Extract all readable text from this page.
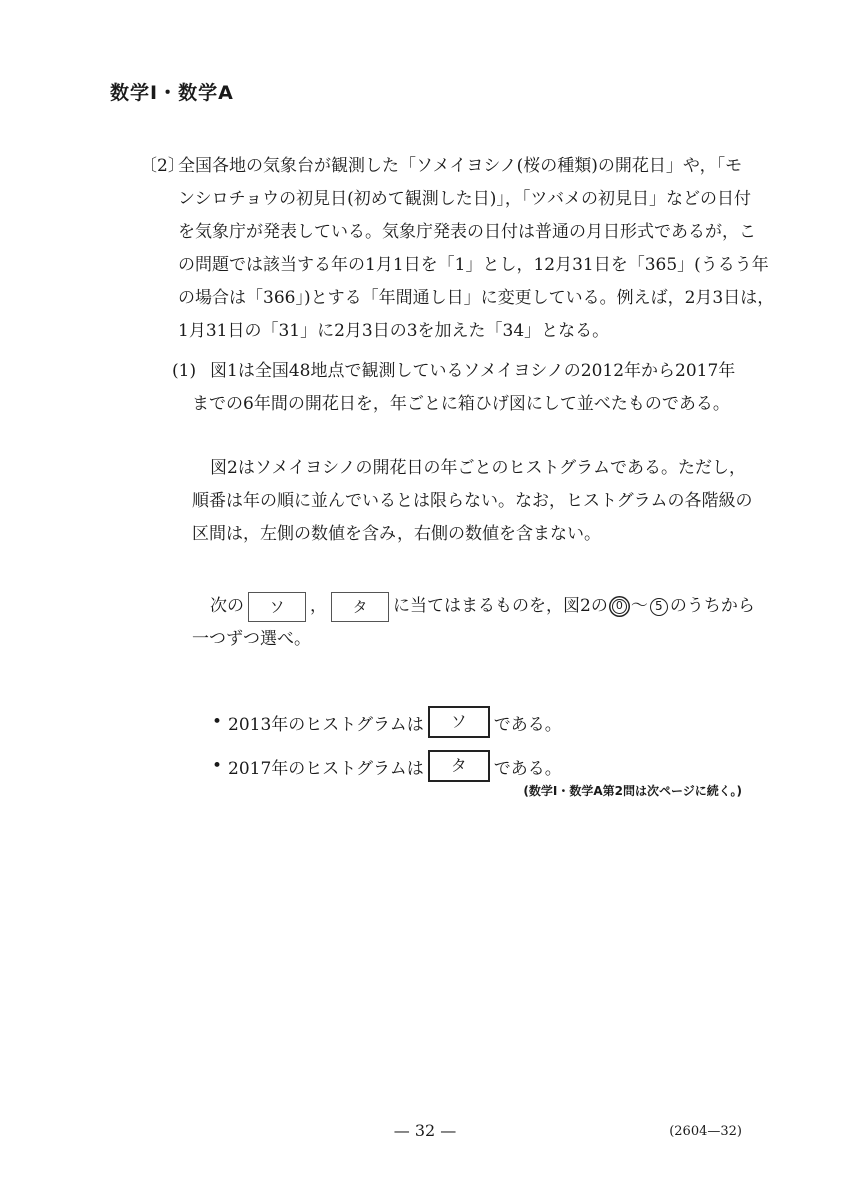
数学Ⅰ・数学A
〔2〕
全国各地の気象台が観測した「ソメイヨシノ(桜の種類)の開花日」や，「モ
ンシロチョウの初見日(初めて観測した日)」，「ツバメの初見日」などの日付
を気象庁が発表している。気象庁発表の日付は普通の月日形式であるが，こ
の問題では該当する年の1月1日を「1」とし，12月31日を「365」(うるう年
の場合は「366」)とする「年間通し日」に変更している。例えば，2月3日は，
1月31日の「31」に2月3日の3を加えた「34」となる。
(1) 図1は全国48地点で観測しているソメイヨシノの2012年から2017年
までの6年間の開花日を，年ごとに箱ひげ図にして並べたものである。
図2はソメイヨシノの開花日の年ごとのヒストグラムである。ただし，
順番は年の順に並んでいるとは限らない。なお，ヒストグラムの各階級の
区間は，左側の数値を含み，右側の数値を含まない。
次の	ソ	，	タ	に当てはまるものを，図2の 0 ～ 5 のうちから
一つずつ選べ。
• 2013年のヒストグラムは	ソ	である。
• 2017年のヒストグラムは	タ	である。
(数学Ⅰ・数学A第2問は次ページに続く。)
— 32 —	(2604—32)
